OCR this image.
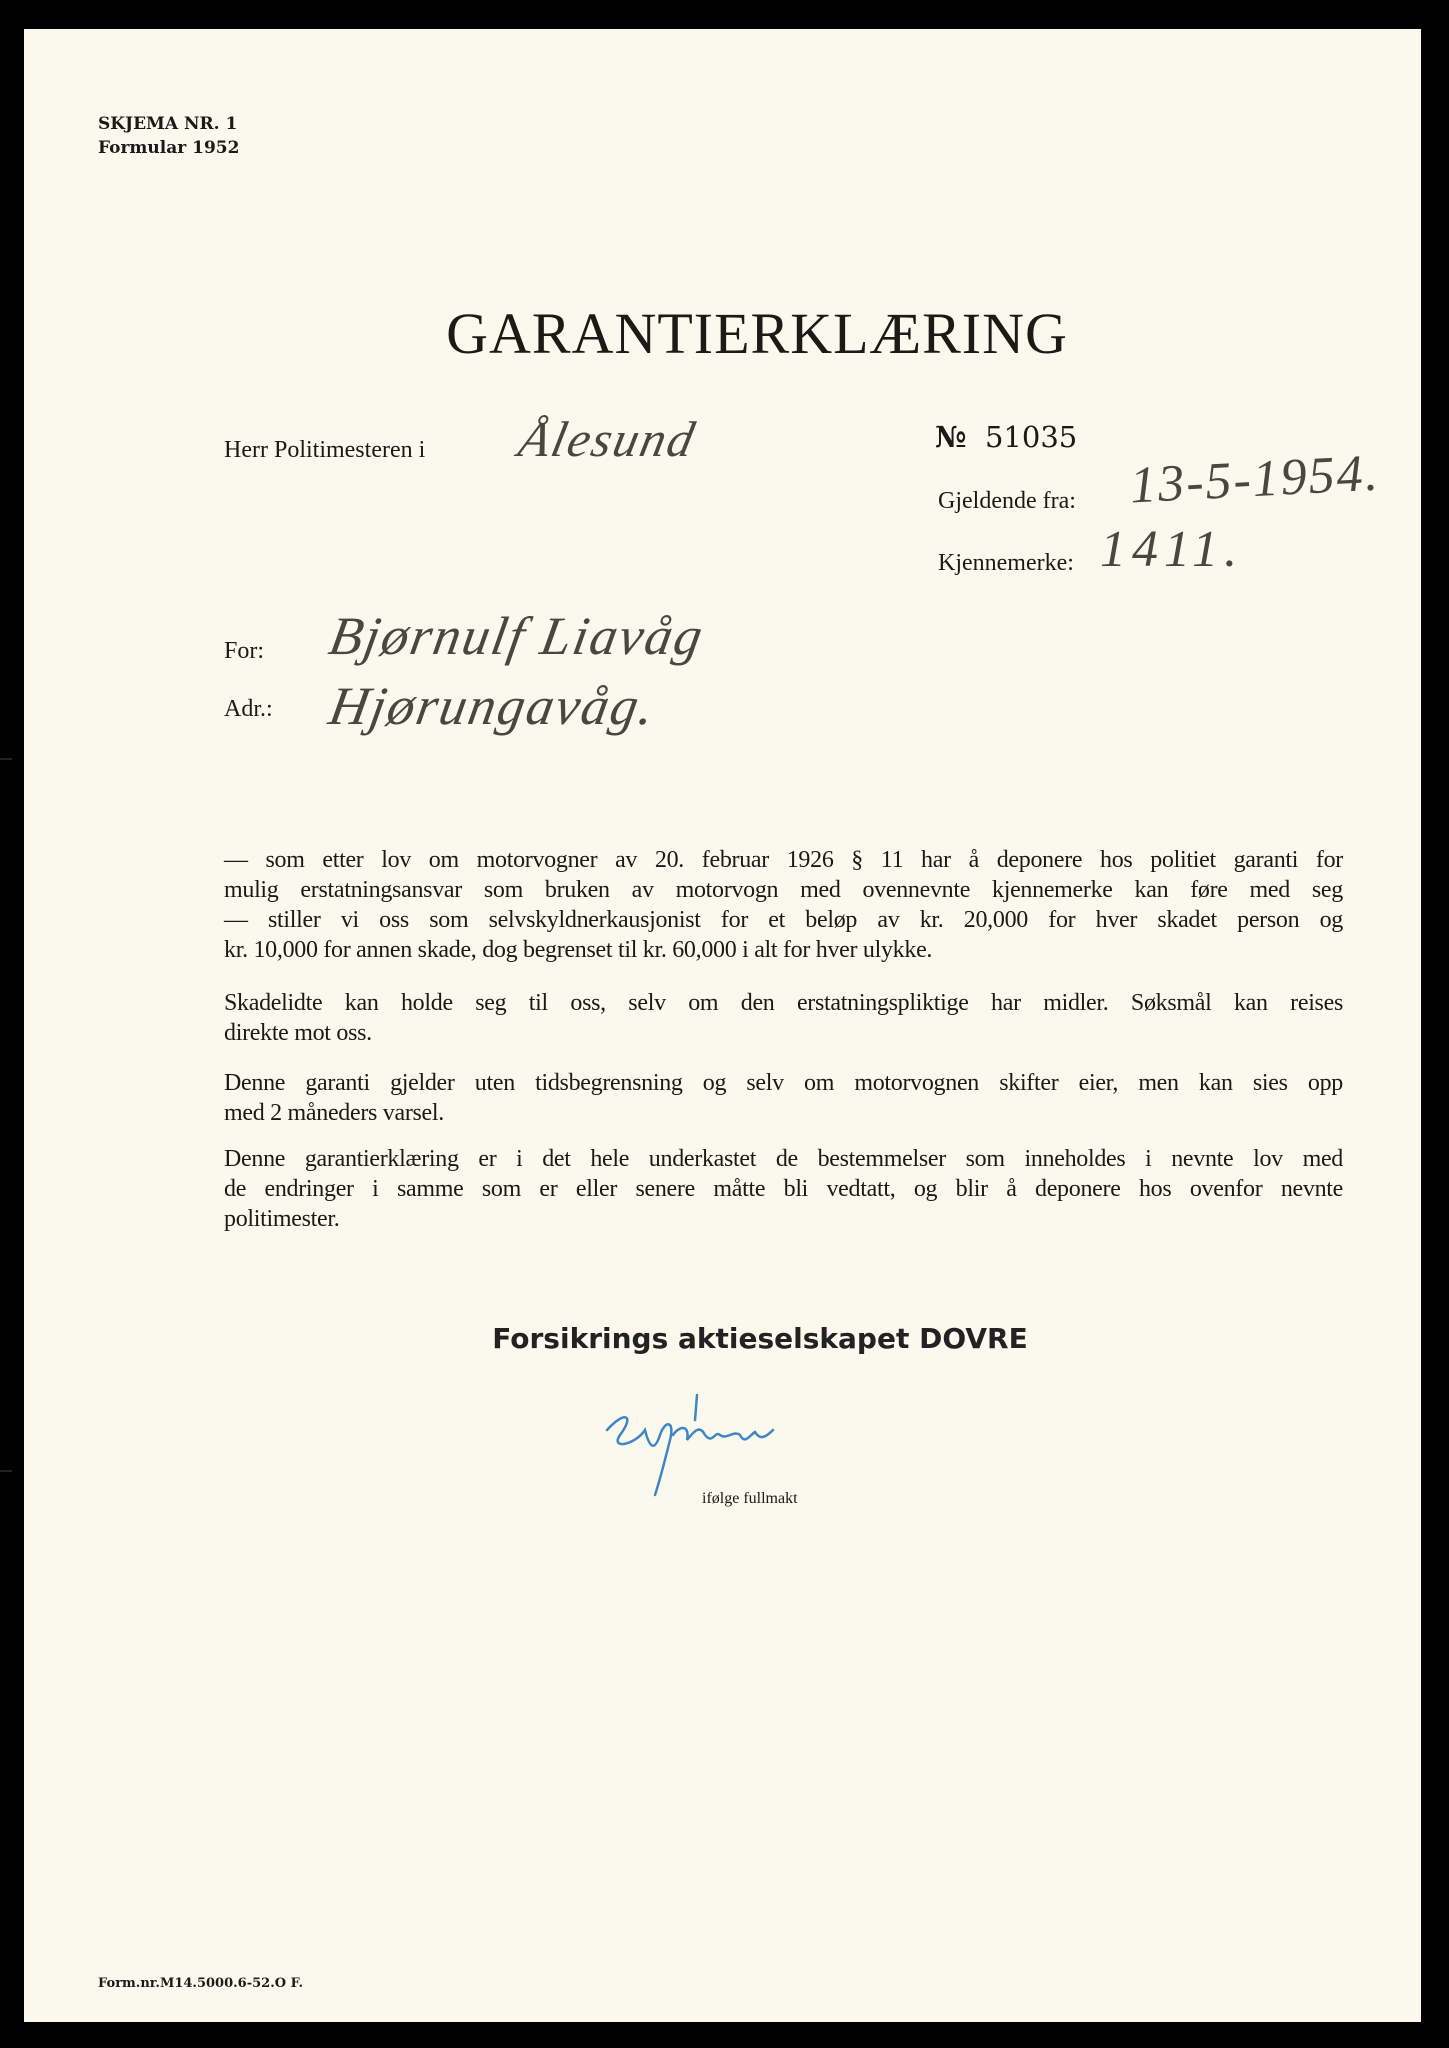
SKJEMA NR. 1
Formular 1952
GARANTIERKLÆRING
Herr Politimesteren i Ålesund	№ 51035
Gjeldende fra: 13-5-1954.
Kjennemerke: 1411.
For: Bjørnulf Liavåg
Adr.: Hjørungavåg.
— som etter lov om motorvogner av 20. februar 1926 § 11 har å deponere hos politiet garanti for
mulig erstatningsansvar som bruken av motorvogn med ovennevnte kjennemerke kan føre med seg
— stiller vi oss som selvskyldnerkausjonist for et beløp av kr. 20,000 for hver skadet person og
kr. 10,000 for annen skade, dog begrenset til kr. 60,000 i alt for hver ulykke.
Skadelidte kan holde seg til oss, selv om den erstatningspliktige har midler. Søksmål kan reises
direkte mot oss.
Denne garanti gjelder uten tidsbegrensning og selv om motorvognen skifter eier, men kan sies opp
med 2 måneders varsel.
Denne garantierklæring er i det hele underkastet de bestemmelser som inneholdes i nevnte lov med
de endringer i samme som er eller senere måtte bli vedtatt, og blir å deponere hos ovenfor nevnte
politimester.
Forsikrings aktieselskapet DOVRE
ifølge fullmakt
Form.nr.M14.5000.6-52.O F.
